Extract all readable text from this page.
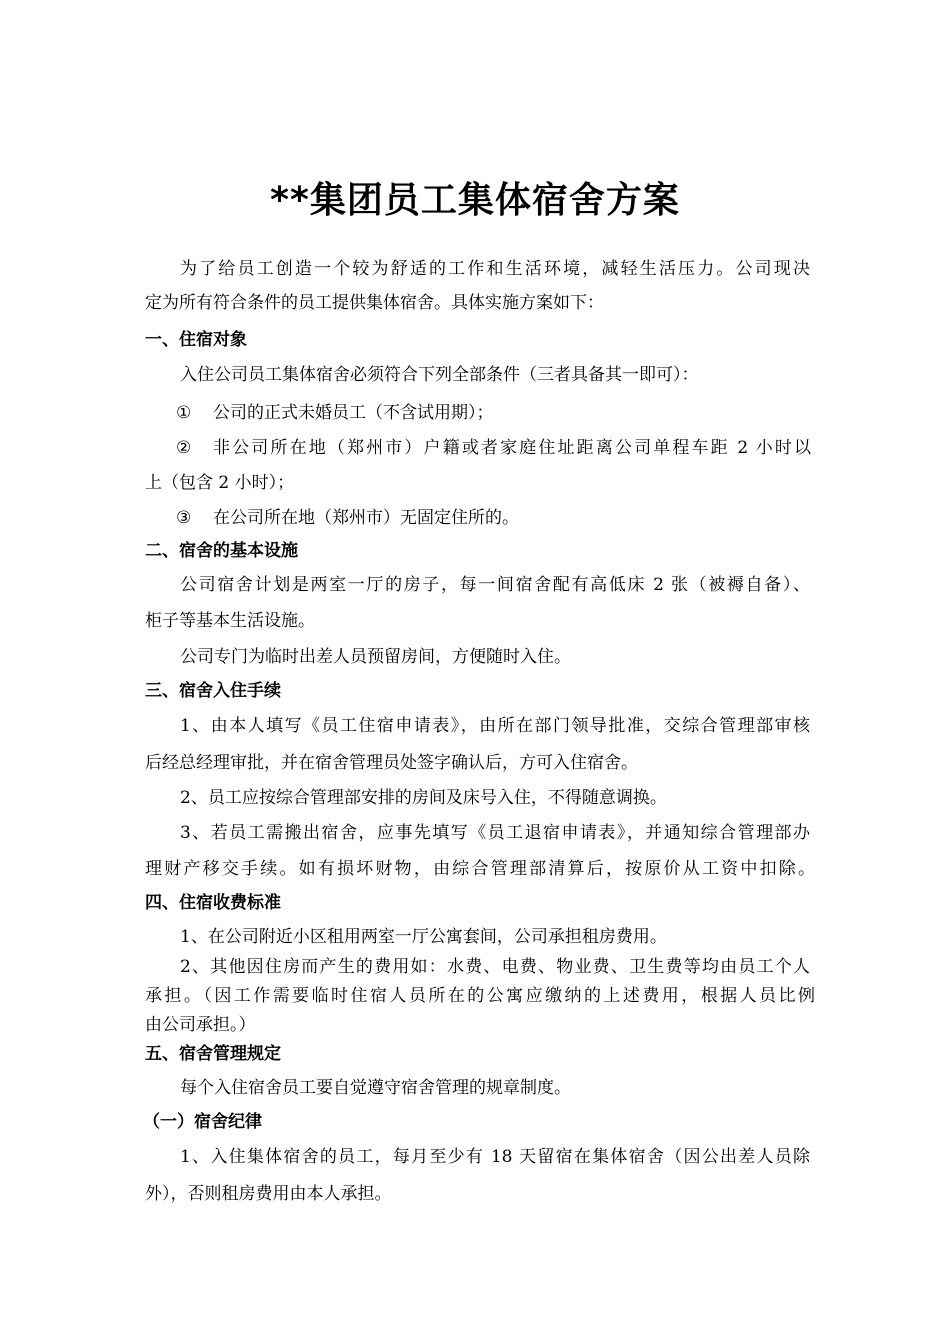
**集团员工集体宿舍方案

为了给员工创造一个较为舒适的工作和生活环境，减轻生活压力。公司现决

定为所有符合条件的员工提供集体宿舍。具体实施方案如下：

一、住宿对象

入住公司员工集体宿舍必须符合下列全部条件（三者具备其一即可）：

① 公司的正式未婚员工（不含试用期）；

② 非公司所在地（郑州市）户籍或者家庭住址距离公司单程车距 2 小时以

上（包含 2 小时）；

③ 在公司所在地（郑州市）无固定住所的。

二、宿舍的基本设施

公司宿舍计划是两室一厅的房子，每一间宿舍配有高低床 2 张（被褥自备）、

柜子等基本生活设施。

公司专门为临时出差人员预留房间，方便随时入住。

三、宿舍入住手续

1、由本人填写《员工住宿申请表》，由所在部门领导批准，交综合管理部审核

后经总经理审批，并在宿舍管理员处签字确认后，方可入住宿舍。

2、员工应按综合管理部安排的房间及床号入住，不得随意调换。

3、若员工需搬出宿舍，应事先填写《员工退宿申请表》，并通知综合管理部办

理财产移交手续。如有损坏财物，由综合管理部清算后，按原价从工资中扣除。

四、住宿收费标准

1、在公司附近小区租用两室一厅公寓套间，公司承担租房费用。

2、其他因住房而产生的费用如：水费、电费、物业费、卫生费等均由员工个人

承担。（因工作需要临时住宿人员所在的公寓应缴纳的上述费用，根据人员比例

由公司承担。）

五、宿舍管理规定

每个入住宿舍员工要自觉遵守宿舍管理的规章制度。

（一）宿舍纪律

1、入住集体宿舍的员工，每月至少有 18 天留宿在集体宿舍（因公出差人员除

外），否则租房费用由本人承担。
